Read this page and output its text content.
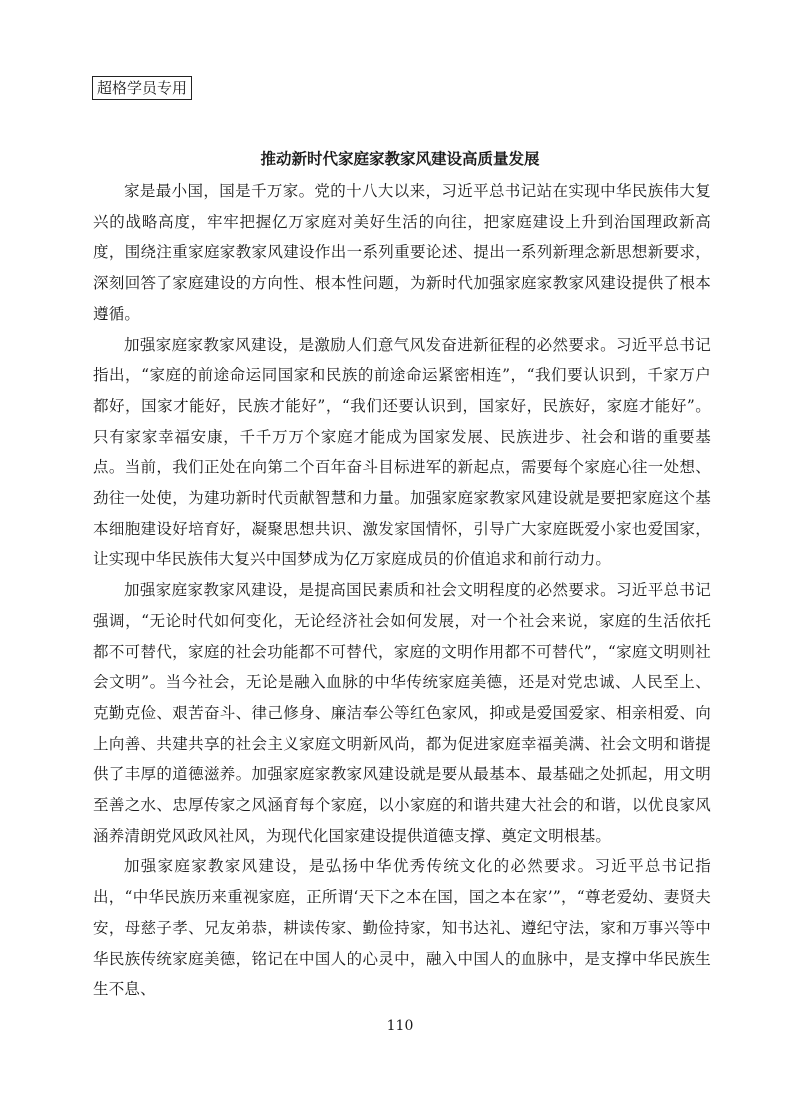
超格学员专用
推动新时代家庭家教家风建设高质量发展

家是最小国，国是千万家。党的十八大以来，习近平总书记站在实现中华民族伟大复兴的战略高度，牢牢把握亿万家庭对美好生活的向往，把家庭建设上升到治国理政新高度，围绕注重家庭家教家风建设作出一系列重要论述、提出一系列新理念新思想新要求，深刻回答了家庭建设的方向性、根本性问题，为新时代加强家庭家教家风建设提供了根本遵循。

加强家庭家教家风建设，是激励人们意气风发奋进新征程的必然要求。习近平总书记指出，“家庭的前途命运同国家和民族的前途命运紧密相连”，“我们要认识到，千家万户都好，国家才能好，民族才能好”，“我们还要认识到，国家好，民族好，家庭才能好”。只有家家幸福安康，千千万万个家庭才能成为国家发展、民族进步、社会和谐的重要基点。当前，我们正处在向第二个百年奋斗目标进军的新起点，需要每个家庭心往一处想、劲往一处使，为建功新时代贡献智慧和力量。加强家庭家教家风建设就是要把家庭这个基本细胞建设好培育好，凝聚思想共识、激发家国情怀，引导广大家庭既爱小家也爱国家，让实现中华民族伟大复兴中国梦成为亿万家庭成员的价值追求和前行动力。

加强家庭家教家风建设，是提高国民素质和社会文明程度的必然要求。习近平总书记强调，“无论时代如何变化，无论经济社会如何发展，对一个社会来说，家庭的生活依托都不可替代，家庭的社会功能都不可替代，家庭的文明作用都不可替代”，“家庭文明则社会文明”。当今社会，无论是融入血脉的中华传统家庭美德，还是对党忠诚、人民至上、克勤克俭、艰苦奋斗、律己修身、廉洁奉公等红色家风，抑或是爱国爱家、相亲相爱、向上向善、共建共享的社会主义家庭文明新风尚，都为促进家庭幸福美满、社会文明和谐提供了丰厚的道德滋养。加强家庭家教家风建设就是要从最基本、最基础之处抓起，用文明至善之水、忠厚传家之风涵育每个家庭，以小家庭的和谐共建大社会的和谐，以优良家风涵养清朗党风政风社风，为现代化国家建设提供道德支撑、奠定文明根基。

加强家庭家教家风建设，是弘扬中华优秀传统文化的必然要求。习近平总书记指出，“中华民族历来重视家庭，正所谓‘天下之本在国，国之本在家’”，“尊老爱幼、妻贤夫安，母慈子孝、兄友弟恭，耕读传家、勤俭持家，知书达礼、遵纪守法，家和万事兴等中华民族传统家庭美德，铭记在中国人的心灵中，融入中国人的血脉中，是支撑中华民族生生不息、

110
